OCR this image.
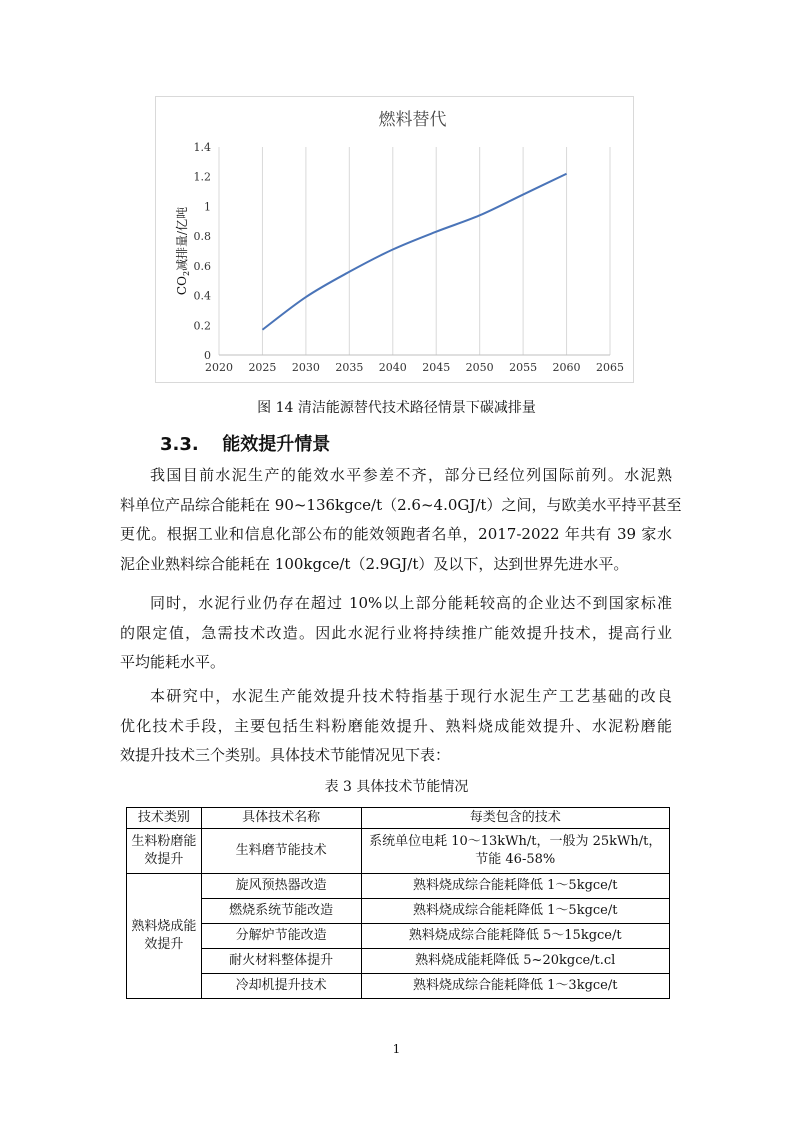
燃料替代
2020 2025 2030 2035 2040 2045 2050 2055 2060 2065
0
0.2
0.4
0.6
0.8
1
1.2
1.4
$CO_2$减排量/亿吨
图 14 清洁能源替代技术路径情景下碳减排量
3.3. 能效提升情景
我国目前水泥生产的能效水平参差不齐，部分已经位列国际前列。水泥熟
料单位产品综合能耗在 90~136kgce/t（2.6~4.0GJ/t）之间，与欧美水平持平甚至
更优。根据工业和信息化部公布的能效领跑者名单，2017-2022 年共有 39 家水
泥企业熟料综合能耗在 100kgce/t（2.9GJ/t）及以下，达到世界先进水平。
同时，水泥行业仍存在超过 10%以上部分能耗较高的企业达不到国家标准
的限定值，急需技术改造。因此水泥行业将持续推广能效提升技术，提高行业
平均能耗水平。
本研究中，水泥生产能效提升技术特指基于现行水泥生产工艺基础的改良
优化技术手段，主要包括生料粉磨能效提升、熟料烧成能效提升、水泥粉磨能
效提升技术三个类别。具体技术节能情况见下表：
表 3 具体技术节能情况
技术类别	具体技术名称	每类包含的技术
生料粉磨能效提升	生料磨节能技术	系统单位电耗 10～13kWh/t，一般为 25kWh/t，节能 46-58%
熟料烧成能效提升	旋风预热器改造	熟料烧成综合能耗降低 1～5kgce/t
	燃烧系统节能改造	熟料烧成综合能耗降低 1～5kgce/t
	分解炉节能改造	熟料烧成综合能耗降低 5～15kgce/t
	耐火材料整体提升	熟料烧成能耗降低 5~20kgce/t.cl
	冷却机提升技术	熟料烧成综合能耗降低 1～3kgce/t
1
